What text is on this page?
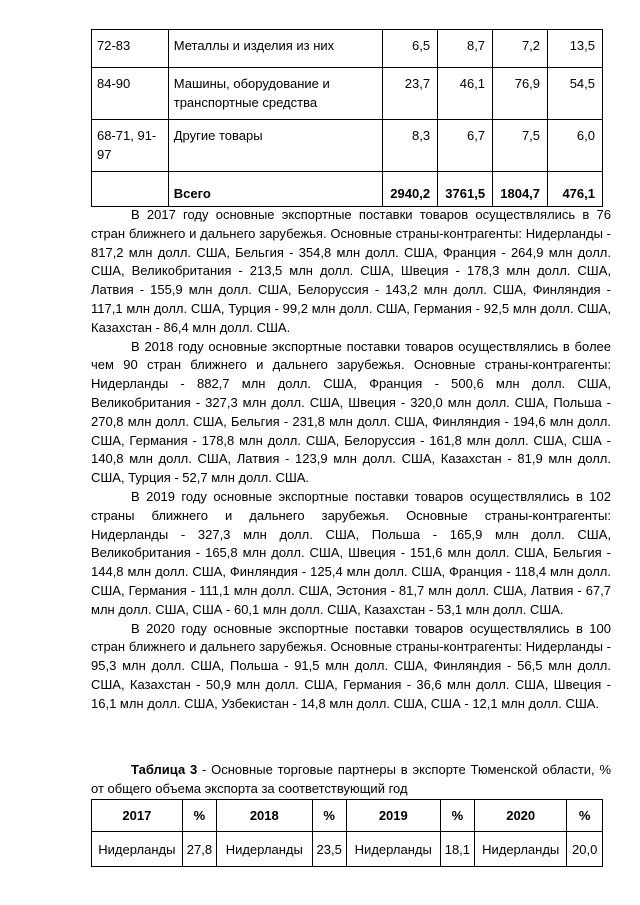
72-83	Металлы и изделия из них	6,5	8,7	7,2	13,5
84-90	Машины, оборудование и транспортные средства	23,7	46,1	76,9	54,5
68-71, 91-97	Другие товары	8,3	6,7	7,5	6,0
	Всего	2940,2	3761,5	1804,7	476,1

В 2017 году основные экспортные поставки товаров осуществлялись в 76 стран ближнего и дальнего зарубежья. Основные страны-контрагенты: Нидерланды - 817,2 млн долл. США, Бельгия - 354,8 млн долл. США, Франция - 264,9 млн долл. США, Великобритания - 213,5 млн долл. США, Швеция - 178,3 млн долл. США, Латвия - 155,9 млн долл. США, Белоруссия - 143,2 млн долл. США, Финляндия - 117,1 млн долл. США, Турция - 99,2 млн долл. США, Германия - 92,5 млн долл. США, Казахстан - 86,4 млн долл. США.

В 2018 году основные экспортные поставки товаров осуществлялись в более чем 90 стран ближнего и дальнего зарубежья. Основные страны-контрагенты: Нидерланды - 882,7 млн долл. США, Франция - 500,6 млн долл. США, Великобритания - 327,3 млн долл. США, Швеция - 320,0 млн долл. США, Польша - 270,8 млн долл. США, Бельгия - 231,8 млн долл. США, Финляндия - 194,6 млн долл. США, Германия - 178,8 млн долл. США, Белоруссия - 161,8 млн долл. США, США - 140,8 млн долл. США, Латвия - 123,9 млн долл. США, Казахстан - 81,9 млн долл. США, Турция - 52,7 млн долл. США.

В 2019 году основные экспортные поставки товаров осуществлялись в 102 страны ближнего и дальнего зарубежья. Основные страны-контрагенты: Нидерланды - 327,3 млн долл. США, Польша - 165,9 млн долл. США, Великобритания - 165,8 млн долл. США, Швеция - 151,6 млн долл. США, Бельгия - 144,8 млн долл. США, Финляндия - 125,4 млн долл. США, Франция - 118,4 млн долл. США, Германия - 111,1 млн долл. США, Эстония - 81,7 млн долл. США, Латвия - 67,7 млн долл. США, США - 60,1 млн долл. США, Казахстан - 53,1 млн долл. США.

В 2020 году основные экспортные поставки товаров осуществлялись в 100 стран ближнего и дальнего зарубежья. Основные страны-контрагенты: Нидерланды - 95,3 млн долл. США, Польша - 91,5 млн долл. США, Финляндия - 56,5 млн долл. США, Казахстан - 50,9 млн долл. США, Германия - 36,6 млн долл. США, Швеция - 16,1 млн долл. США, Узбекистан - 14,8 млн долл. США, США - 12,1 млн долл. США.

Таблица 3 - Основные торговые партнеры в экспорте Тюменской области, % от общего объема экспорта за соответствующий год

2017	%	2018	%	2019	%	2020	%
Нидерланды	27,8	Нидерланды	23,5	Нидерланды	18,1	Нидерланды	20,0
